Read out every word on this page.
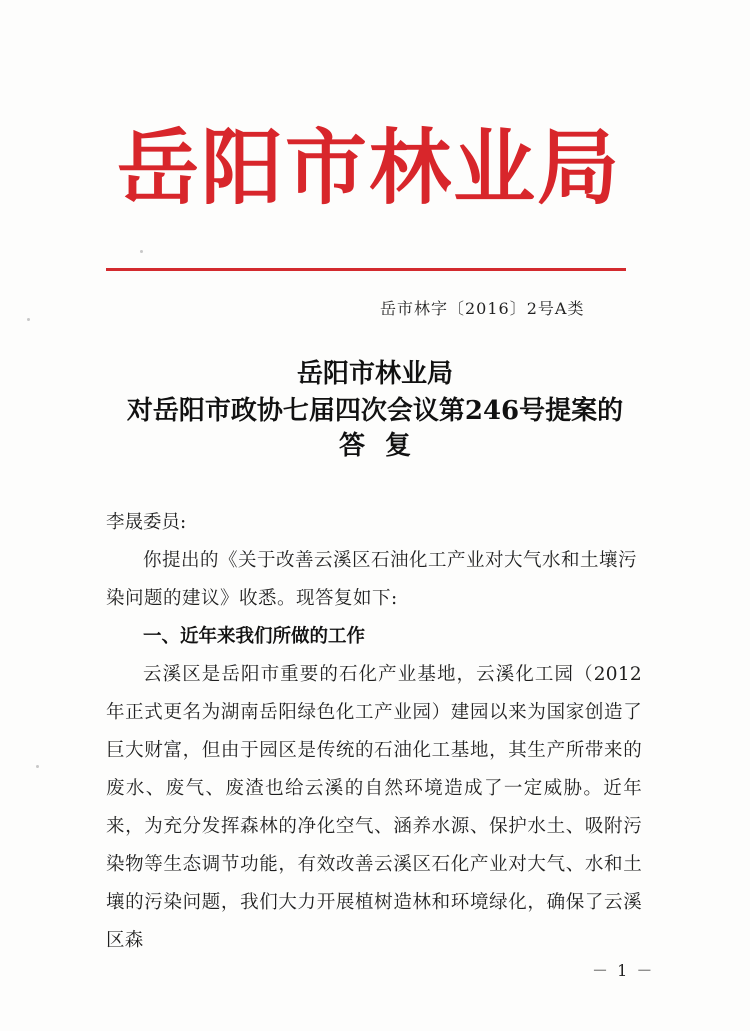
岳阳市林业局
岳市林字〔2016〕2号A类
岳阳市林业局
对岳阳市政协七届四次会议第246号提案的
答复
李晟委员:
你提出的《关于改善云溪区石油化工产业对大气水和土壤污染问题的建议》收悉。现答复如下:
一、近年来我们所做的工作
云溪区是岳阳市重要的石化产业基地，云溪化工园（2012年正式更名为湖南岳阳绿色化工产业园）建园以来为国家创造了巨大财富，但由于园区是传统的石油化工基地，其生产所带来的废水、废气、废渣也给云溪的自然环境造成了一定威胁。近年来，为充分发挥森林的净化空气、涵养水源、保护水土、吸附污染物等生态调节功能，有效改善云溪区石化产业对大气、水和土壤的污染问题，我们大力开展植树造林和环境绿化，确保了云溪区森
－ 1 －
